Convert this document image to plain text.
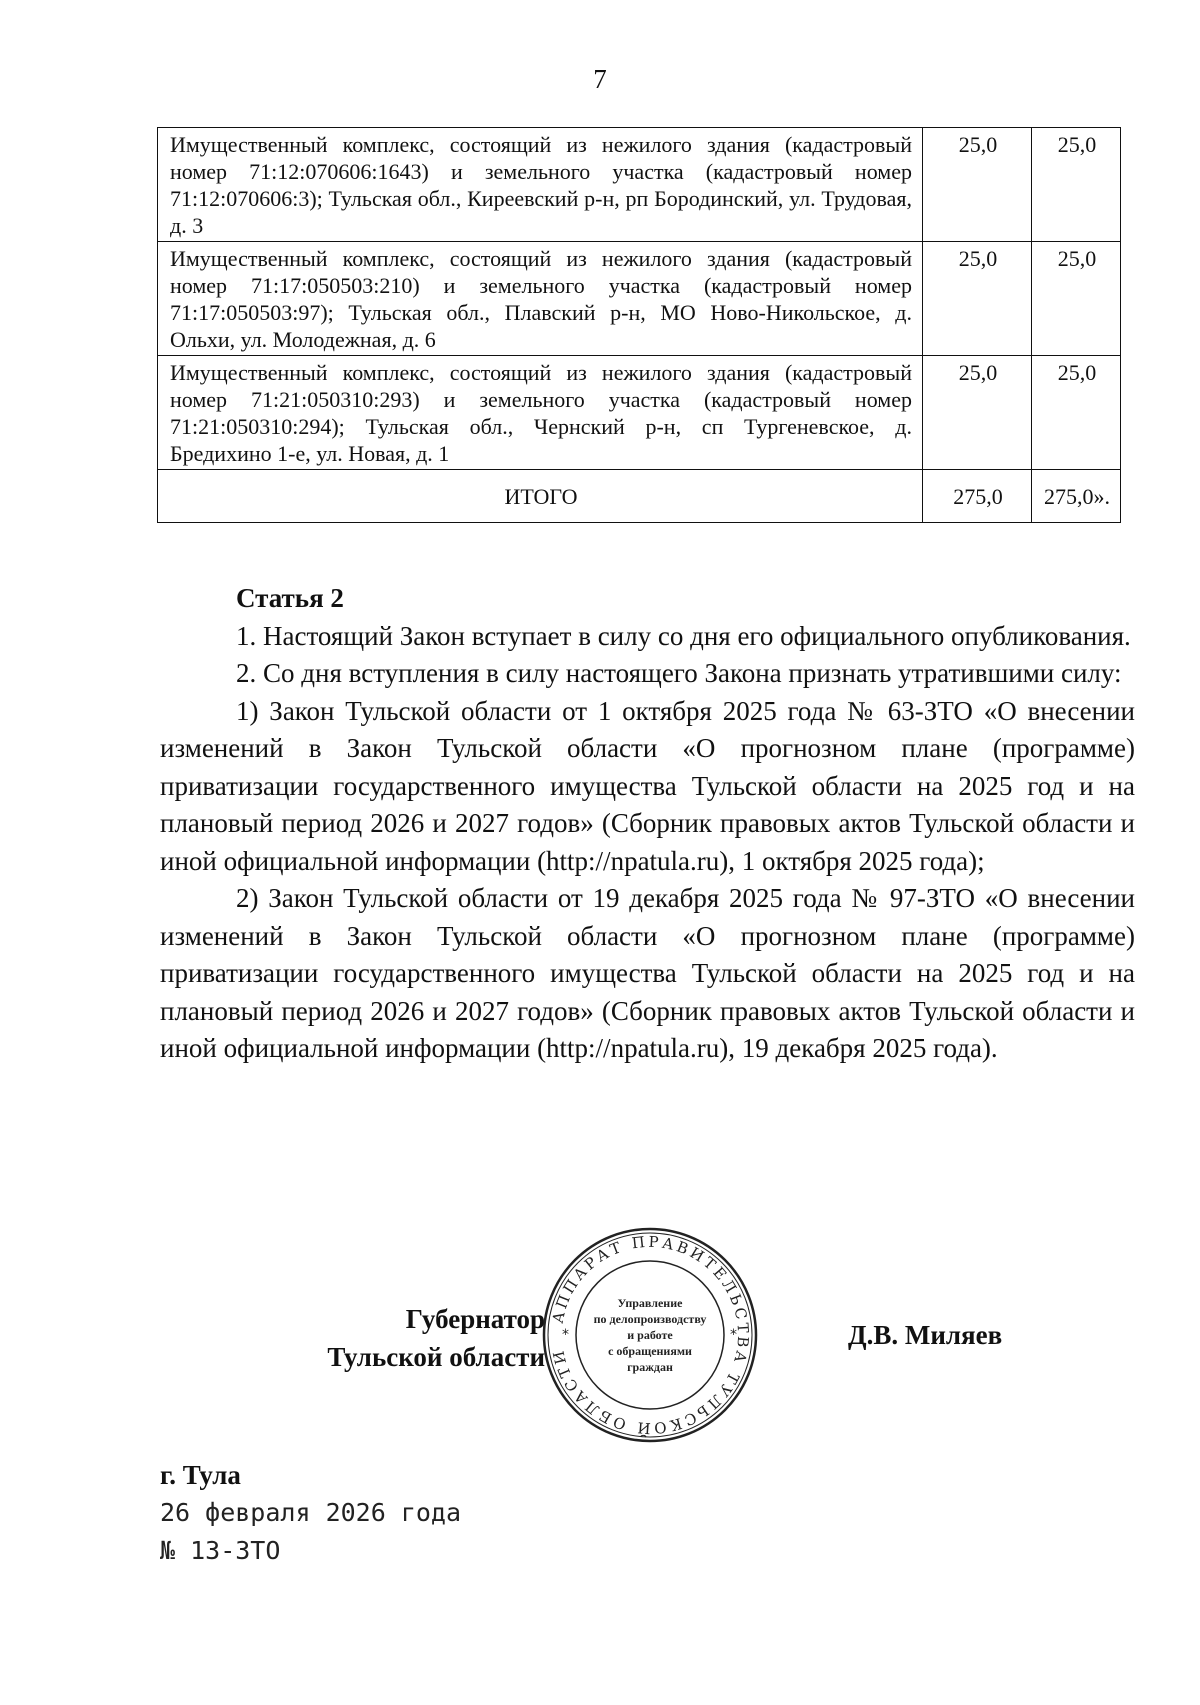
7
Имущественный комплекс, состоящий из нежилого здания (кадастровый номер 71:12:070606:1643) и земельного участка (кадастровый номер 71:12:070606:3); Тульская обл., Киреевский р-н, рп Бородинский, ул. Трудовая, д. 3	25,0	25,0
Имущественный комплекс, состоящий из нежилого здания (кадастровый номер 71:17:050503:210) и земельного участка (кадастровый номер 71:17:050503:97); Тульская обл., Плавский р-н, МО Ново-Никольское, д. Ольхи, ул. Молодежная, д. 6	25,0	25,0
Имущественный комплекс, состоящий из нежилого здания (кадастровый номер 71:21:050310:293) и земельного участка (кадастровый номер 71:21:050310:294); Тульская обл., Чернский р-н, сп Тургеневское, д. Бредихино 1-е, ул. Новая, д. 1	25,0	25,0
ИТОГО	275,0	275,0».

Статья 2

1. Настоящий Закон вступает в силу со дня его официального опубликования.

2. Со дня вступления в силу настоящего Закона признать утратившими силу:

1) Закон Тульской области от 1 октября 2025 года № 63-ЗТО «О внесении изменений в Закон Тульской области «О прогнозном плане (программе) приватизации государственного имущества Тульской области на 2025 год и на плановый период 2026 и 2027 годов» (Сборник правовых актов Тульской области и иной официальной информации (http://npatula.ru), 1 октября 2025 года);

2) Закон Тульской области от 19 декабря 2025 года № 97-ЗТО «О внесении изменений в Закон Тульской области «О прогнозном плане (программе) приватизации государственного имущества Тульской области на 2025 год и на плановый период 2026 и 2027 годов» (Сборник правовых актов Тульской области и иной официальной информации (http://npatula.ru), 19 декабря 2025 года).

Губернатор
Тульской области
Д.В. Миляев
АППАРАТ ПРАВИТЕЛЬСТВА ТУЛЬСКОЙ ОБЛАСТИ
*	*
Управление
по делопроизводству
и работе
с обращениями
граждан

г. Тула

26 февраля 2026 года

№ 13-ЗТО
